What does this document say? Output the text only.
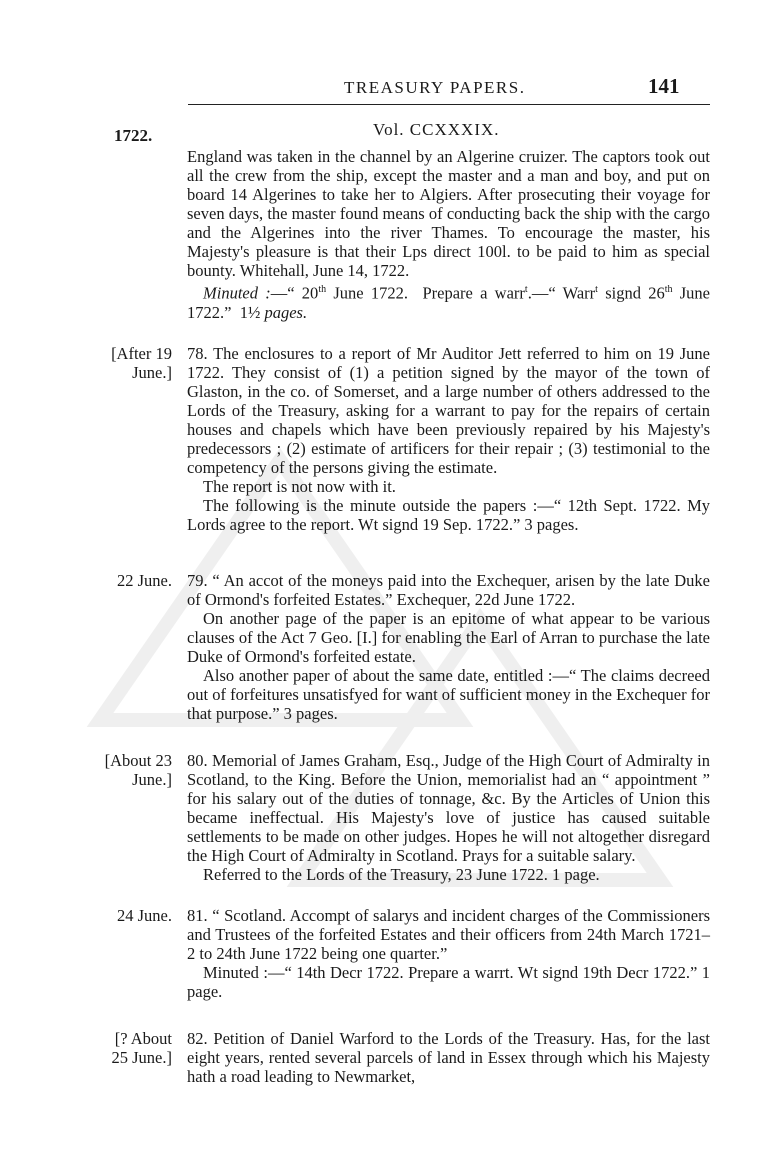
TREASURY PAPERS.	141
1722.	Vol. CCXXXIX.

England was taken in the channel by an Algerine cruizer. The captors took out all the crew from the ship, except the master and a man and boy, and put on board 14 Algerines to take her to Algiers. After prosecuting their voyage for seven days, the master found means of conducting back the ship with the cargo and the Algerines into the river Thames. To encourage the master, his Majesty's pleasure is that their Lps direct 100l. to be paid to him as special bounty. Whitehall, June 14, 1722.

Minuted :—“ 20th June 1722.  Prepare a warr$^t$.—“ Warr$^t$ signd 26th June 1722.”  1½ pages.

[After 19 June.]

78. The enclosures to a report of Mr Auditor Jett referred to him on 19 June 1722. They consist of (1) a petition signed by the mayor of the town of Glaston, in the co. of Somerset, and a large number of others addressed to the Lords of the Treasury, asking for a warrant to pay for the repairs of certain houses and chapels which have been previously repaired by his Majesty's predecessors ; (2) estimate of artificers for their repair ; (3) testimonial to the competency of the persons giving the estimate.

The report is not now with it.

The following is the minute outside the papers :—“ 12th Sept. 1722. My Lords agree to the report. Wt signd 19 Sep. 1722.” 3 pages.

22 June. 79. “ An accot of the moneys paid into the Exchequer, arisen by the late Duke of Ormond's forfeited Estates.” Exchequer, 22d June 1722.

On another page of the paper is an epitome of what appear to be various clauses of the Act 7 Geo. [I.] for enabling the Earl of Arran to purchase the late Duke of Ormond's forfeited estate.

Also another paper of about the same date, entitled :—“ The claims decreed out of forfeitures unsatisfyed for want of sufficient money in the Exchequer for that purpose.” 3 pages.

[About 23 June.]

80. Memorial of James Graham, Esq., Judge of the High Court of Admiralty in Scotland, to the King. Before the Union, memorialist had an “ appointment ” for his salary out of the duties of tonnage, &c. By the Articles of Union this became ineffectual. His Majesty's love of justice has caused suitable settlements to be made on other judges. Hopes he will not altogether disregard the High Court of Admiralty in Scotland. Prays for a suitable salary.

Referred to the Lords of the Treasury, 23 June 1722. 1 page.

24 June. 81. “ Scotland. Accompt of salarys and incident charges of the Commissioners and Trustees of the forfeited Estates and their officers from 24th March 1721–2 to 24th June 1722 being one quarter.”

Minuted :—“ 14th Decr 1722. Prepare a warrt. Wt signd 19th Decr 1722.” 1 page.

[? About 25 June.]

82. Petition of Daniel Warford to the Lords of the Treasury. Has, for the last eight years, rented several parcels of land in Essex through which his Majesty hath a road leading to Newmarket,
